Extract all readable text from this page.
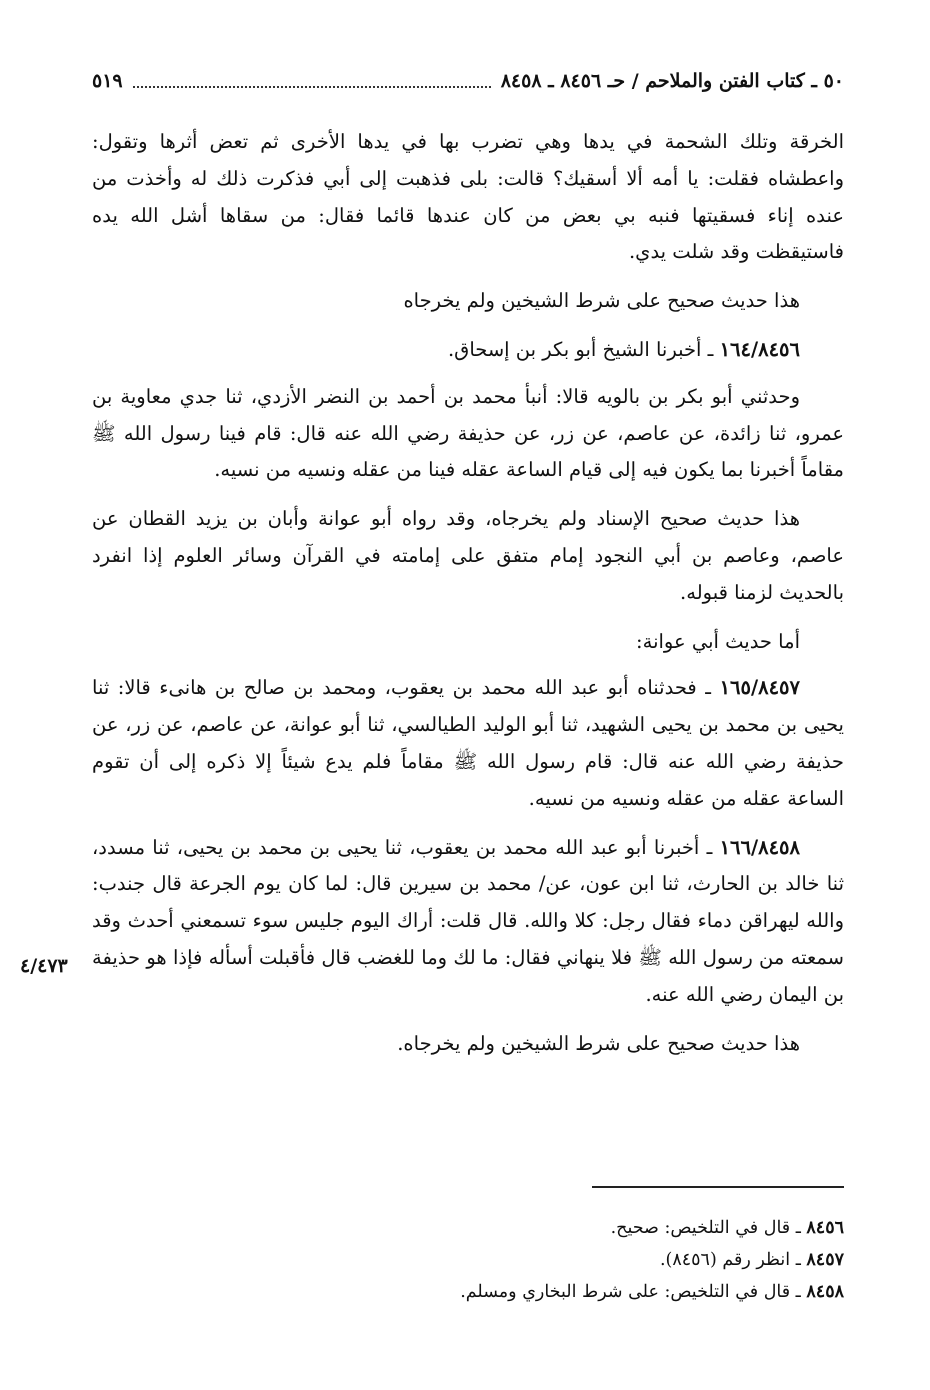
٥٠ ـ كتاب الفتن والملاحم / حـ ٨٤٥٦ ـ ٨٤٥٨
٥١٩

الخرقة وتلك الشحمة في يدها وهي تضرب بها في يدها الأخرى ثم تعض أثرها وتقول: واعطشاه فقلت: يا أمه ألا أسقيك؟ قالت: بلى فذهبت إلى أبي فذكرت ذلك له وأخذت من عنده إناء فسقيتها فنبه بي بعض من كان عندها قائما فقال: من سقاها أشل الله يده فاستيقظت وقد شلت يدي.

هذا حديث صحيح على شرط الشيخين ولم يخرجاه

١٦٤/٨٤٥٦ ـ أخبرنا الشيخ أبو بكر بن إسحاق.

وحدثني أبو بكر بن بالويه قالا: أنبأ محمد بن أحمد بن النضر الأزدي، ثنا جدي معاوية بن عمرو، ثنا زائدة، عن عاصم، عن زر، عن حذيفة رضي الله عنه قال: قام فينا رسول الله ﷺ مقاماً أخبرنا بما يكون فيه إلى قيام الساعة عقله فينا من عقله ونسيه من نسيه.

هذا حديث صحيح الإسناد ولم يخرجاه، وقد رواه أبو عوانة وأبان بن يزيد القطان عن عاصم، وعاصم بن أبي النجود إمام متفق على إمامته في القرآن وسائر العلوم إذا انفرد بالحديث لزمنا قبوله.

أما حديث أبي عوانة:

١٦٥/٨٤٥٧ ـ فحدثناه أبو عبد الله محمد بن يعقوب، ومحمد بن صالح بن هانىء قالا: ثنا يحيى بن محمد بن يحيى الشهيد، ثنا أبو الوليد الطيالسي، ثنا أبو عوانة، عن عاصم، عن زر، عن حذيفة رضي الله عنه قال: قام رسول الله ﷺ مقاماً فلم يدع شيئاً إلا ذكره إلى أن تقوم الساعة عقله من عقله ونسيه من نسيه.

١٦٦/٨٤٥٨ ـ أخبرنا أبو عبد الله محمد بن يعقوب، ثنا يحيى بن محمد بن يحيى، ثنا مسدد، ثنا خالد بن الحارث، ثنا ابن عون، عن/ محمد بن سيرين قال: لما كان يوم الجرعة قال جندب: والله ليهراقن دماء فقال رجل: كلا والله. قال قلت: أراك اليوم جليس سوء تسمعني أحدث وقد سمعته من رسول الله ﷺ فلا ينهاني فقال: ما لك وما للغضب قال فأقبلت أسأله فإذا هو حذيفة بن اليمان رضي الله عنه.

هذا حديث صحيح على شرط الشيخين ولم يخرجاه.

٤/٤٧٣
٨٤٥٦ ـ قال في التلخيص: صحيح.
٨٤٥٧ ـ انظر رقم (٨٤٥٦).
٨٤٥٨ ـ قال في التلخيص: على شرط البخاري ومسلم.
